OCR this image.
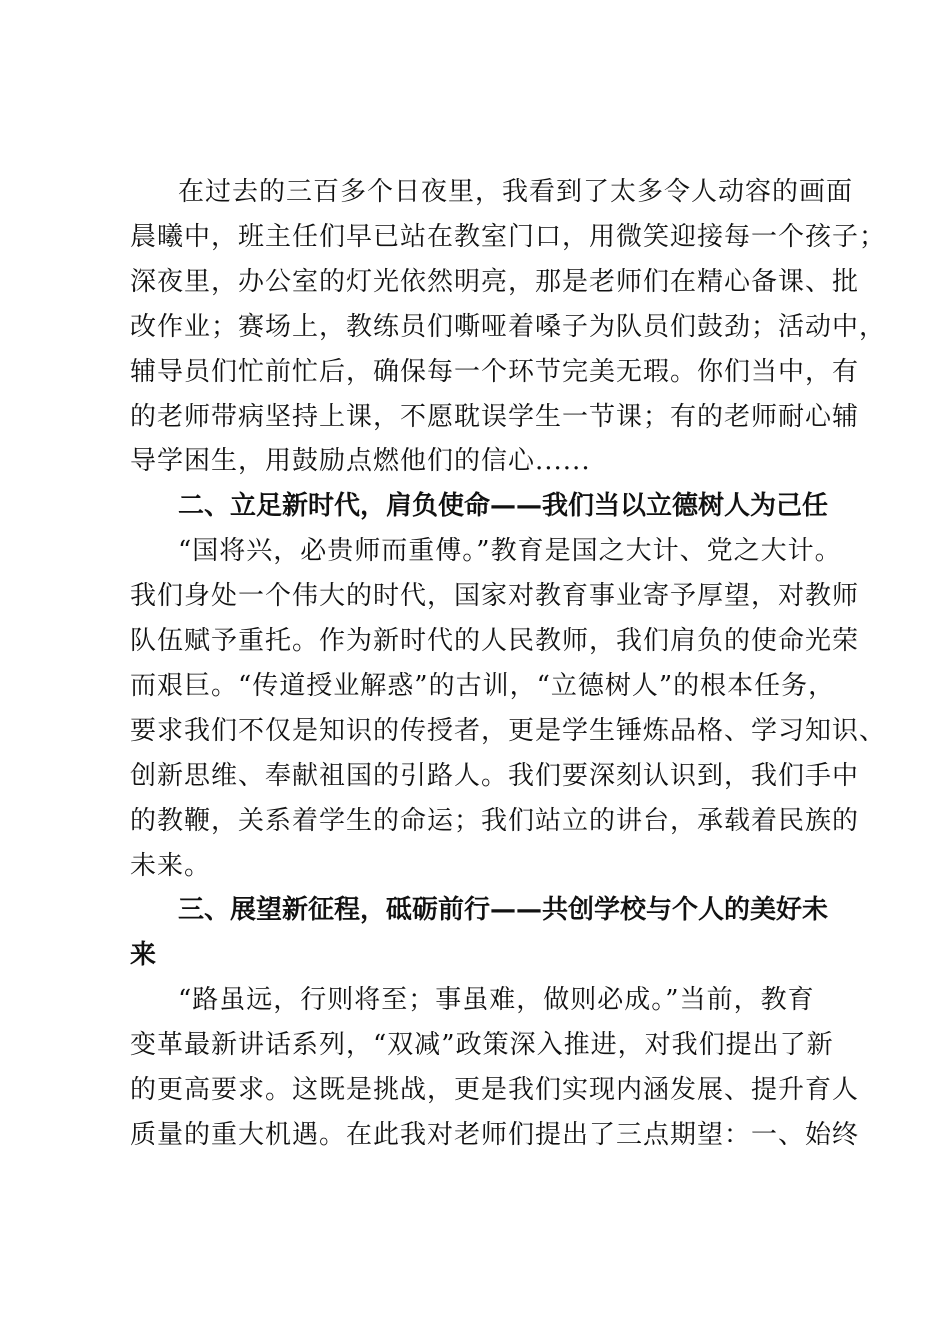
在过去的三百多个日夜里，我看到了太多令人动容的画面
晨曦中，班主任们早已站在教室门口，用微笑迎接每一个孩子；
深夜里，办公室的灯光依然明亮，那是老师们在精心备课、批
改作业；赛场上，教练员们嘶哑着嗓子为队员们鼓劲；活动中，
辅导员们忙前忙后，确保每一个环节完美无瑕。你们当中，有
的老师带病坚持上课，不愿耽误学生一节课；有的老师耐心辅
导学困生，用鼓励点燃他们的信心......
二、立足新时代，肩负使命——我们当以立德树人为己任
“国将兴，必贵师而重傅。”教育是国之大计、党之大计。
我们身处一个伟大的时代，国家对教育事业寄予厚望，对教师
队伍赋予重托。作为新时代的人民教师，我们肩负的使命光荣
而艰巨。“传道授业解惑”的古训，“立德树人”的根本任务，
要求我们不仅是知识的传授者，更是学生锤炼品格、学习知识、
创新思维、奉献祖国的引路人。我们要深刻认识到，我们手中
的教鞭，关系着学生的命运；我们站立的讲台，承载着民族的
未来。
三、展望新征程，砥砺前行——共创学校与个人的美好未
来
“路虽远，行则将至；事虽难，做则必成。”当前，教育
变革最新讲话系列，“双减”政策深入推进，对我们提出了新
的更高要求。这既是挑战，更是我们实现内涵发展、提升育人
质量的重大机遇。在此我对老师们提出了三点期望：一、始终
